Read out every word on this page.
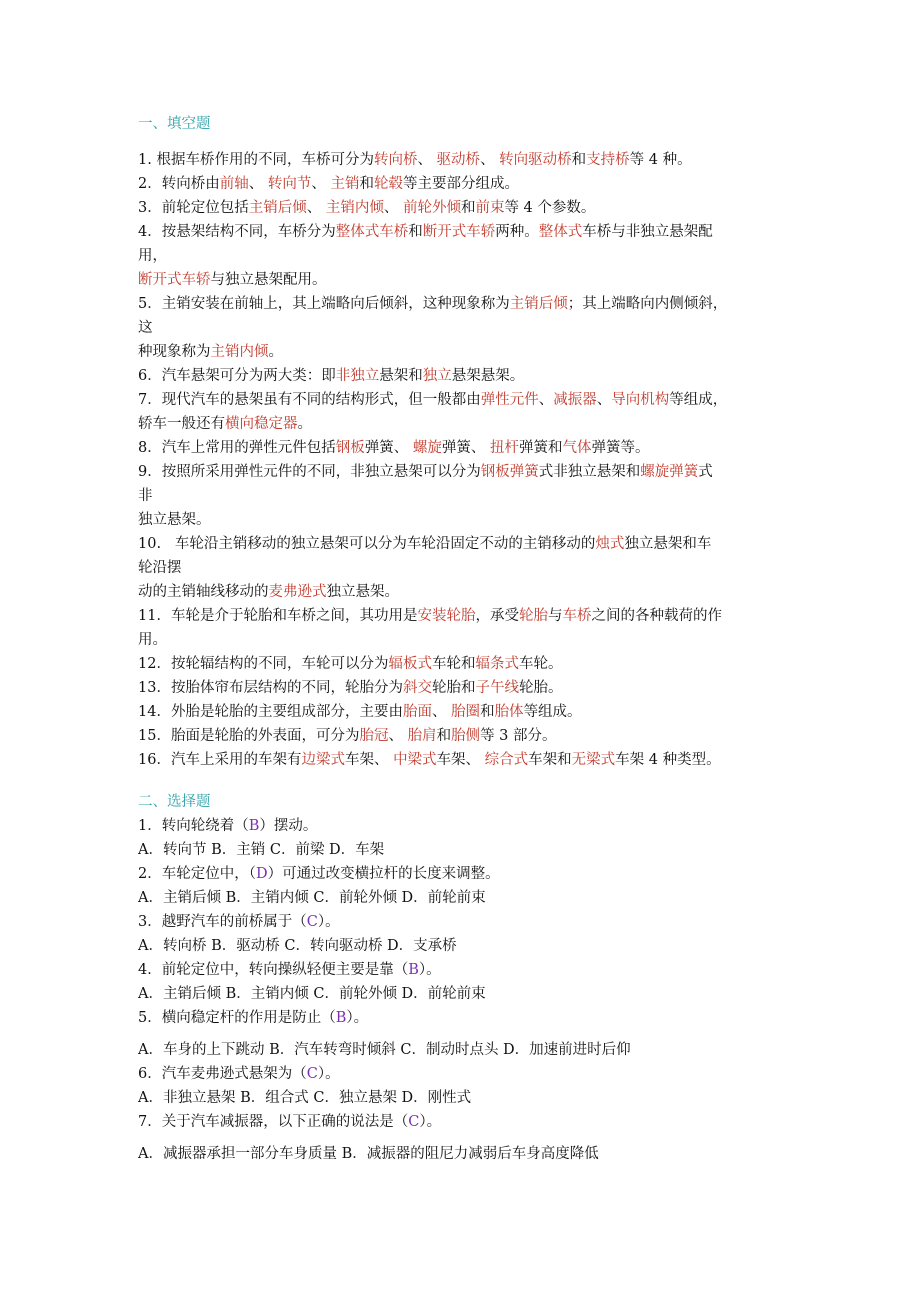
一、填空题
1. 根据车桥作用的不同，车桥可分为转向桥、 驱动桥、 转向驱动桥和支持桥等 4 种。
2．转向桥由前轴、 转向节、 主销和轮毂等主要部分组成。
3．前轮定位包括主销后倾、 主销内倾、 前轮外倾和前束等 4 个参数。
4．按悬架结构不同，车桥分为整体式车桥和断开式车轿两种。整体式车桥与非独立悬架配
用，
断开式车轿与独立悬架配用。
5．主销安装在前轴上，其上端略向后倾斜，这种现象称为主销后倾；其上端略向内侧倾斜，
这
种现象称为主销内倾。
6．汽车悬架可分为两大类：即非独立悬架和独立悬架悬架。
7．现代汽车的悬架虽有不同的结构形式，但一般都由弹性元件、减振器、导向机构等组成，
轿车一般还有横向稳定器。
8．汽车上常用的弹性元件包括钢板弹簧、 螺旋弹簧、 扭杆弹簧和气体弹簧等。
9．按照所采用弹性元件的不同，非独立悬架可以分为钢板弹簧式非独立悬架和螺旋弹簧式
非
独立悬架。
10.   车轮沿主销移动的独立悬架可以分为车轮沿固定不动的主销移动的烛式独立悬架和车
轮沿摆
动的主销轴线移动的麦弗逊式独立悬架。
11．车轮是介于轮胎和车桥之间，其功用是安装轮胎，承受轮胎与车桥之间的各种载荷的作
用。
12．按轮辐结构的不同，车轮可以分为辐板式车轮和辐条式车轮。
13．按胎体帘布层结构的不同，轮胎分为斜交轮胎和子午线轮胎。
14．外胎是轮胎的主要组成部分，主要由胎面、 胎圈和胎体等组成。
15．胎面是轮胎的外表面，可分为胎冠、 胎肩和胎侧等 3 部分。
16．汽车上采用的车架有边梁式车架、 中梁式车架、 综合式车架和无梁式车架 4 种类型。
二、选择题
1．转向轮绕着（B）摆动。
A．转向节 B．主销 C．前梁 D．车架
2．车轮定位中，（D）可通过改变横拉杆的长度来调整。
A．主销后倾 B．主销内倾 C．前轮外倾 D．前轮前束
3．越野汽车的前桥属于（C）。
A．转向桥 B．驱动桥 C．转向驱动桥 D．支承桥
4．前轮定位中，转向操纵轻便主要是靠（B）。
A．主销后倾 B．主销内倾 C．前轮外倾 D．前轮前束
5．横向稳定杆的作用是防止（B）。
A．车身的上下跳动 B．汽车转弯时倾斜 C．制动时点头 D．加速前进时后仰
6．汽车麦弗逊式悬架为（C）。
A．非独立悬架 B．组合式 C．独立悬架 D．刚性式
7．关于汽车减振器，以下正确的说法是（C）。
A．减振器承担一部分车身质量 B．减振器的阻尼力减弱后车身高度降低
